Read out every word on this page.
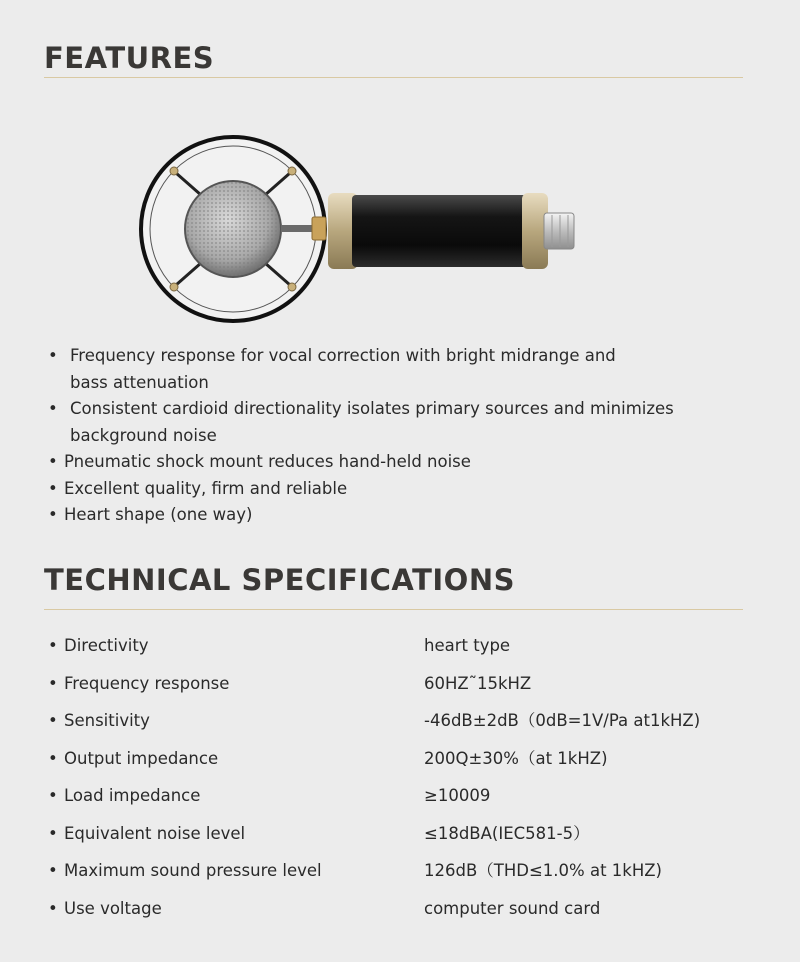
FEATURES
• Frequency response for vocal correction with bright midrange and
bass attenuation
• Consistent cardioid directionality isolates primary sources and minimizes
background noise
• Pneumatic shock mount reduces hand-held noise
• Excellent quality, firm and reliable
• Heart shape (one way)
TECHNICAL SPECIFICATIONS
• Directivity	heart type
• Frequency response	60HZ˜15kHZ
• Sensitivity	-46dB±2dB（0dB=1V/Pa at1kHZ)
• Output impedance	200Q±30%（at 1kHZ)
• Load impedance	≥10009
• Equivalent noise level	≤18dBA(IEC581-5）
• Maximum sound pressure level	126dB（THD≤1.0% at 1kHZ)
• Use voltage	computer sound card
